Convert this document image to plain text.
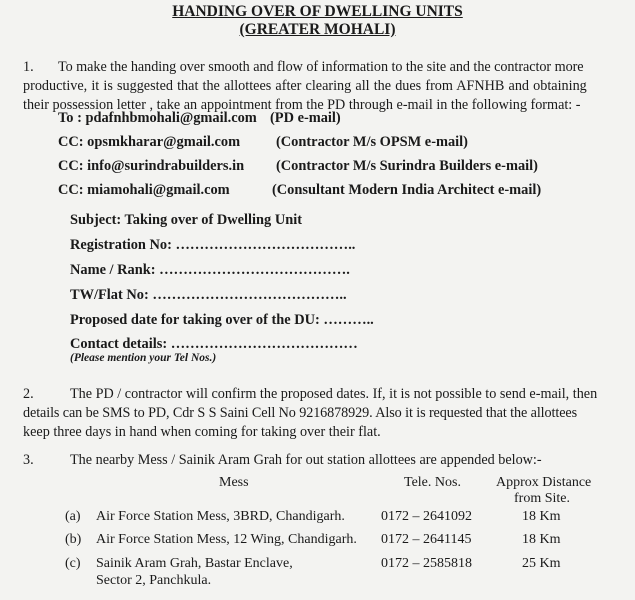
HANDING OVER OF DWELLING UNITS
(GREATER MOHALI)
1. To make the handing over smooth and flow of information to the site and the contractor more
productive, it is suggested that the allottees after clearing all the dues from AFNHB and obtaining
their possession letter , take an appointment from the PD through e-mail in the following format: -
To : pdafnhbmohali@gmail.com (PD e-mail)
CC: opsmkharar@gmail.com (Contractor M/s OPSM e-mail)
CC: info@surindrabuilders.in (Contractor M/s Surindra Builders e-mail)
CC: miamohali@gmail.com	(Consultant Modern India Architect e-mail)
Subject: Taking over of Dwelling Unit
Registration No: ………………………………..
Name / Rank: ………………………………….
TW/Flat No: …………………………………..
Proposed date for taking over of the DU: ………..
Contact details: …………………………………
(Please mention your Tel Nos.)
2.	The PD / contractor will confirm the proposed dates. If, it is not possible to send e-mail, then
details can be SMS to PD, Cdr S S Saini Cell No 9216878929. Also it is requested that the allottees
keep three days in hand when coming for taking over their flat.
3.	The nearby Mess / Sainik Aram Grah for out station allottees are appended below:-
Mess	Tele. Nos.	Approx Distance
from Site.
(a) Air Force Station Mess, 3BRD, Chandigarh.	0172 – 2641092	18 Km
(b) Air Force Station Mess, 12 Wing, Chandigarh. 0172 – 2641145	18 Km
(c) Sainik Aram Grah, Bastar Enclave,
Sector 2, Panchkula.
0172 – 2585818	25 Km
